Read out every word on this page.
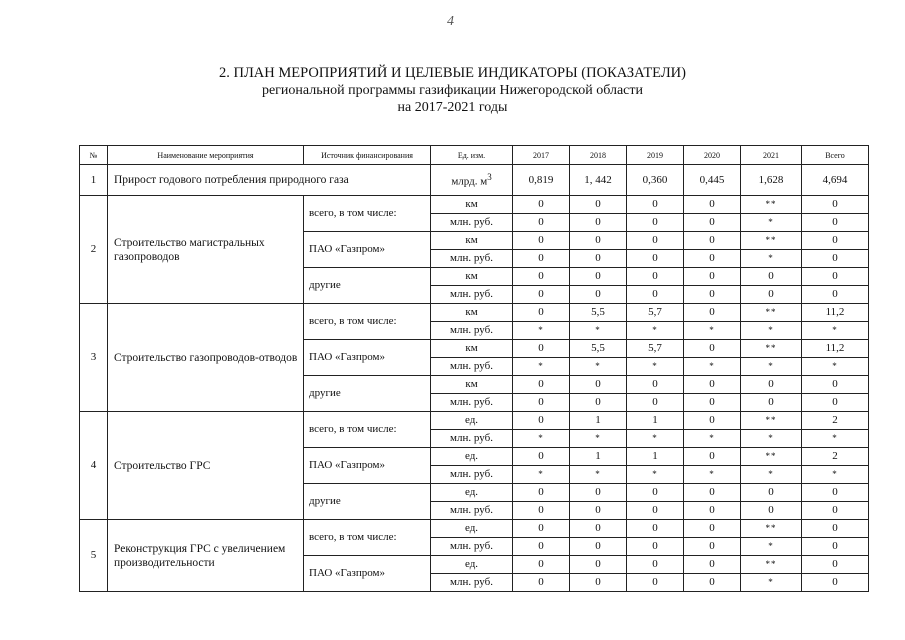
4
2. ПЛАН МЕРОПРИЯТИЙ И ЦЕЛЕВЫЕ ИНДИКАТОРЫ (ПОКАЗАТЕЛИ)
региональной программы газификации Нижегородской области
на 2017-2021 годы
№	Наименование мероприятия	Источник финансирования	Ед. изм.	2017	2018	2019	2020	2021	Всего
1	Прирост годового потребления природного газа		млрд. $м^3$	0,819	1, 442	0,360	0,445	1,628	4,694
2	Строительство магистральных газопроводов	всего, в том числе:	км	0	0	0	0	**	0
			млн. руб.	0	0	0	0	*	0
		ПАО «Газпром»	км	0	0	0	0	**	0
			млн. руб.	0	0	0	0	*	0
		другие	км	0	0	0	0	0	0
			млн. руб.	0	0	0	0	0	0
3	Строительство газопроводов-отводов	всего, в том числе:	км	0	5,5	5,7	0	**	11,2
			млн. руб.	*	*	*	*	*	*
		ПАО «Газпром»	км	0	5,5	5,7	0	**	11,2
			млн. руб.	*	*	*	*	*	*
		другие	км	0	0	0	0	0	0
			млн. руб.	0	0	0	0	0	0
4	Строительство ГРС	всего, в том числе:	ед.	0	1	1	0	**	2
			млн. руб.	*	*	*	*	*	*
		ПАО «Газпром»	ед.	0	1	1	0	**	2
			млн. руб.	*	*	*	*	*	*
		другие	ед.	0	0	0	0	0	0
			млн. руб.	0	0	0	0	0	0
5	Реконструкция ГРС с увеличением производительности	всего, в том числе:	ед.	0	0	0	0	**	0
			млн. руб.	0	0	0	0	*	0
		ПАО «Газпром»	ед.	0	0	0	0	**	0
			млн. руб.	0	0	0	0	*	0
